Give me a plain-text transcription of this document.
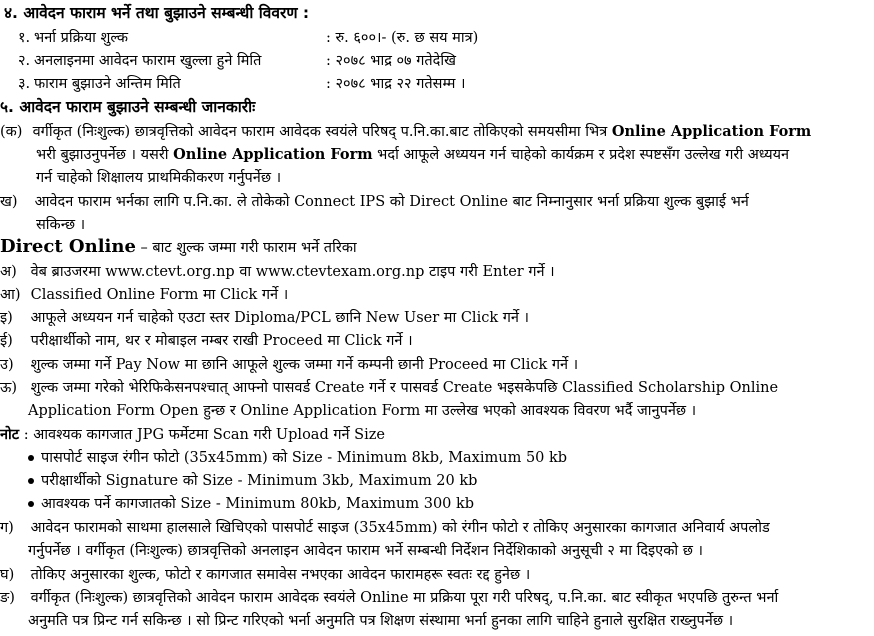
४. आवेदन फाराम भर्ने तथा बुझाउने सम्बन्धी विवरण :
१. भर्ना प्रक्रिया शुल्क	: रु. ६००।- (रु. छ सय मात्र)
२. अनलाइनमा आवेदन फाराम खुल्ला हुने मिति	: २०७८ भाद्र ०७ गतेदेखि
३. फाराम बुझाउने अन्तिम मिति	: २०७८ भाद्र २२ गतेसम्म ।
५. आवेदन फाराम बुझाउने सम्बन्धी जानकारीः
(क) वर्गीकृत (निःशुल्क) छात्रवृत्तिको आवेदन फाराम आवेदक स्वयंले परिषद् प.नि.का.बाट तोकिएको समयसीमा भित्र Online Application Form
भरी बुझाउनुपर्नेछ । यसरी Online Application Form भर्दा आफूले अध्ययन गर्न चाहेको कार्यक्रम र प्रदेश स्पष्टसँग उल्लेख गरी अध्ययन
गर्न चाहेको शिक्षालय प्राथमिकीकरण गर्नुपर्नेछ ।
ख) आवेदन फाराम भर्नका लागि प.नि.का. ले तोकेको Connect IPS को Direct Online बाट निम्नानुसार भर्ना प्रक्रिया शुल्क बुझाई भर्न
सकिन्छ ।
Direct Online – बाट शुल्क जम्मा गरी फाराम भर्ने तरिका
अ) वेब ब्राउजरमा www.ctevt.org.np वा www.ctevtexam.org.np टाइप गरी Enter गर्ने ।
आ) Classified Online Form मा Click गर्ने ।
इ) आफूले अध्ययन गर्न चाहेको एउटा स्तर Diploma/PCL छानि New User मा Click गर्ने ।
ई) परीक्षार्थीको नाम, थर र मोबाइल नम्बर राखी Proceed मा Click गर्ने ।
उ) शुल्क जम्मा गर्ने Pay Now मा छानि आफूले शुल्क जम्मा गर्ने कम्पनी छानी Proceed मा Click गर्ने ।
ऊ) शुल्क जम्मा गरेको भेरिफिकेसनपश्चात् आफ्नो पासवर्ड Create गर्ने र पासवर्ड Create भइसकेपछि Classified Scholarship Online
Application Form Open हुन्छ र Online Application Form मा उल्लेख भएको आवश्यक विवरण भर्दै जानुपर्नेछ ।
नोट : आवश्यक कागजात JPG फर्मेटमा Scan गरी Upload गर्ने Size
पासपोर्ट साइज रंगीन फोटो (35x45mm) को Size - Minimum 8kb, Maximum 50 kb
परीक्षार्थीको Signature को Size - Minimum 3kb, Maximum 20 kb
आवश्यक पर्ने कागजातको Size - Minimum 80kb, Maximum 300 kb
ग) आवेदन फारामको साथमा हालसाले खिचिएको पासपोर्ट साइज (35x45mm) को रंगीन फोटो र तोकिए अनुसारका कागजात अनिवार्य अपलोड
गर्नुपर्नेछ । वर्गीकृत (निःशुल्क) छात्रवृत्तिको अनलाइन आवेदन फाराम भर्ने सम्बन्धी निर्देशन निर्देशिकाको अनुसूची २ मा दिइएको छ ।
घ) तोकिए अनुसारका शुल्क, फोटो र कागजात समावेस नभएका आवेदन फारामहरू स्वतः रद्द हुनेछ ।
ङ) वर्गीकृत (निःशुल्क) छात्रवृत्तिको आवेदन फाराम आवेदक स्वयंले Online मा प्रक्रिया पूरा गरी परिषद्, प.नि.का. बाट स्वीकृत भएपछि तुरुन्त भर्ना
अनुमति पत्र प्रिन्ट गर्न सकिन्छ । सो प्रिन्ट गरिएको भर्ना अनुमति पत्र शिक्षण संस्थामा भर्ना हुनका लागि चाहिने हुनाले सुरक्षित राख्नुपर्नेछ ।
